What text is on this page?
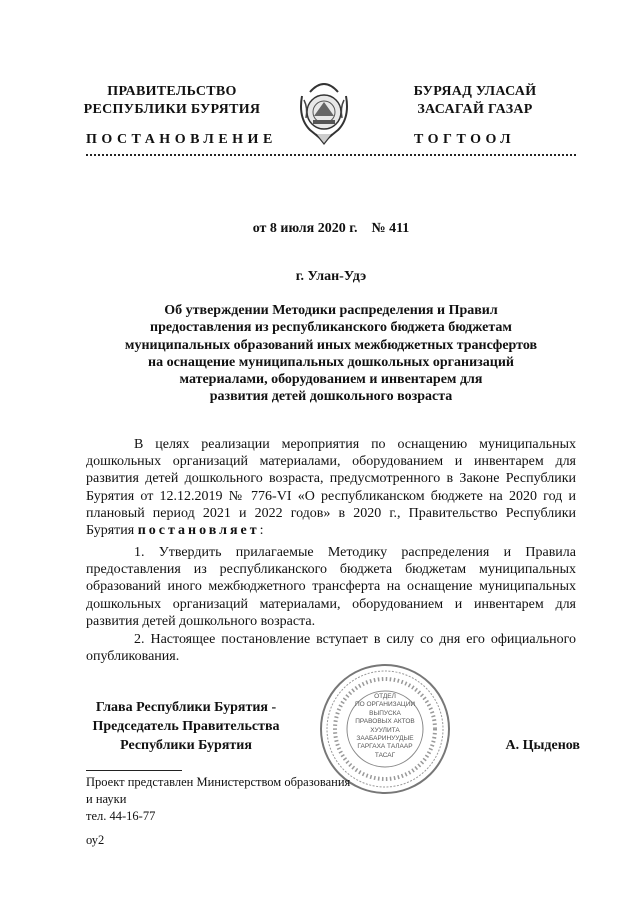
ПРАВИТЕЛЬСТВО
РЕСПУБЛИКИ БУРЯТИЯ
БУРЯАД УЛАСАЙ
ЗАСАГАЙ ГАЗАР
ПОСТАНОВЛЕНИЕ	ТОГТООЛ
от 8 июля 2020 г.    № 411
г. Улан-Удэ
Об утверждении Методики распределения и Правил
предоставления из республиканского бюджета бюджетам
муниципальных образований иных межбюджетных трансфертов
на оснащение муниципальных дошкольных организаций
материалами, оборудованием и инвентарем для
развития детей дошкольного возраста
В целях реализации мероприятия по оснащению муниципальных дошкольных организаций материалами, оборудованием и инвентарем для развития детей дошкольного возраста, предусмотренного в Законе Республики Бурятия от 12.12.2019 № 776-VI «О республиканском бюджете на 2020 год и плановый период 2021 и 2022 годов» в 2020 г., Правительство Республики Бурятия постановляет:
1. Утвердить прилагаемые Методику распределения и Правила предоставления из республиканского бюджета бюджетам муниципальных образований иного межбюджетного трансферта на оснащение муниципальных дошкольных организаций материалами, оборудованием и инвентарем для развития детей дошкольного возраста.
2. Настоящее постановление вступает в силу со дня его официального опубликования.
Глава Республики Бурятия -
Председатель Правительства
Республики Бурятия
ОТДЕЛ
ПО ОРГАНИЗАЦИИ
ВЫПУСКА
ПРАВОВЫХ АКТОВ
ХУУЛИТА
ЗААБАРИНУУДЫЕ
ГАРГАХА ТАЛААР
ТАСАГ
А. Цыденов
Проект представлен Министерством образования
и науки
тел. 44-16-77
оу2
